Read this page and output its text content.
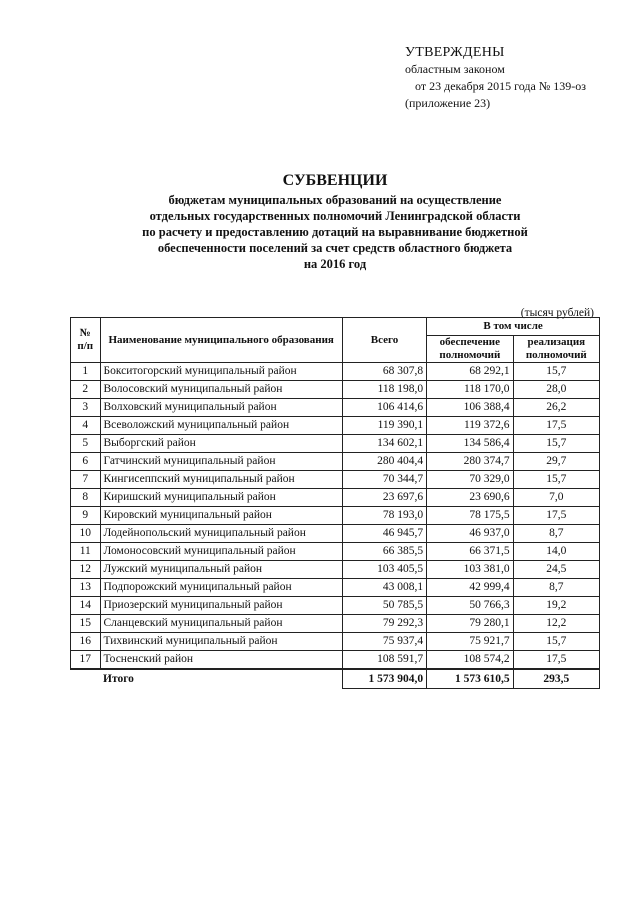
УТВЕРЖДЕНЫ
областным законом
от 23 декабря 2015 года № 139-оз
(приложение 23)
СУБВЕНЦИИ
бюджетам муниципальных образований на осуществление
отдельных государственных полномочий Ленинградской области
по расчету и предоставлению дотаций на выравнивание бюджетной
обеспеченности поселений за счет средств областного бюджета
на 2016 год
(тысяч рублей)
№ п/п	Наименование муниципального образования	Всего	В том числе	
			обеспечение полномочий	реализация полномочий
1	Бокситогорский муниципальный район	68 307,8	68 292,1	15,7
2	Волосовский муниципальный район	118 198,0	118 170,0	28,0
3	Волховский муниципальный район	106 414,6	106 388,4	26,2
4	Всеволожский муниципальный район	119 390,1	119 372,6	17,5
5	Выборгский район	134 602,1	134 586,4	15,7
6	Гатчинский муниципальный район	280 404,4	280 374,7	29,7
7	Кингисеппский муниципальный район	70 344,7	70 329,0	15,7
8	Киришский муниципальный район	23 697,6	23 690,6	7,0
9	Кировский муниципальный район	78 193,0	78 175,5	17,5
10	Лодейнопольский муниципальный район	46 945,7	46 937,0	8,7
11	Ломоносовский муниципальный район	66 385,5	66 371,5	14,0
12	Лужский муниципальный район	103 405,5	103 381,0	24,5
13	Подпорожский муниципальный район	43 008,1	42 999,4	8,7
14	Приозерский муниципальный район	50 785,5	50 766,3	19,2
15	Сланцевский муниципальный район	79 292,3	79 280,1	12,2
16	Тихвинский муниципальный район	75 937,4	75 921,7	15,7
17	Тосненский район	108 591,7	108 574,2	17,5
	Итого	1 573 904,0	1 573 610,5	293,5
